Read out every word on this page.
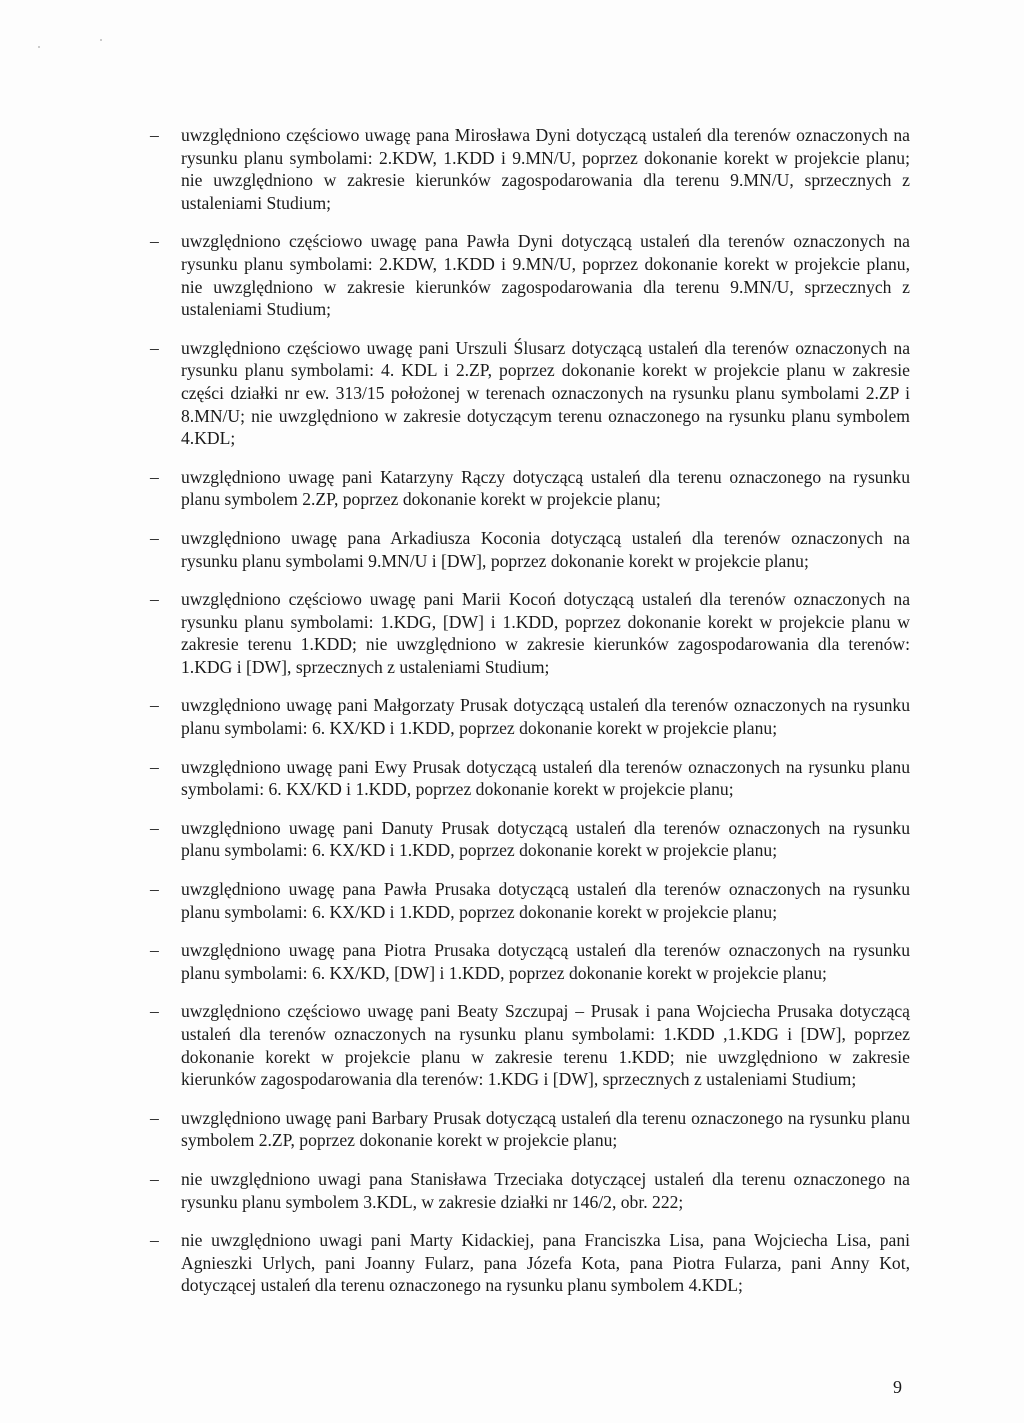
– uwzględniono częściowo uwagę pana Mirosława Dyni dotyczącą ustaleń dla terenów oznaczonych na rysunku planu symbolami: 2.KDW, 1.KDD i 9.MN/U, poprzez dokonanie korekt w projekcie planu; nie uwzględniono w zakresie kierunków zagospodarowania dla terenu 9.MN/U, sprzecznych z ustaleniami Studium;
– uwzględniono częściowo uwagę pana Pawła Dyni dotyczącą ustaleń dla terenów oznaczonych na rysunku planu symbolami: 2.KDW, 1.KDD i 9.MN/U, poprzez dokonanie korekt w projekcie planu, nie uwzględniono w zakresie kierunków zagospodarowania dla terenu 9.MN/U, sprzecznych z ustaleniami Studium;
– uwzględniono częściowo uwagę pani Urszuli Ślusarz dotyczącą ustaleń dla terenów oznaczonych na rysunku planu symbolami: 4. KDL i 2.ZP, poprzez dokonanie korekt w projekcie planu w zakresie części działki nr ew. 313/15 położonej w terenach oznaczonych na rysunku planu symbolami 2.ZP i 8.MN/U; nie uwzględniono w zakresie dotyczącym terenu oznaczonego na rysunku planu symbolem 4.KDL;
– uwzględniono uwagę pani Katarzyny Rączy dotyczącą ustaleń dla terenu oznaczonego na rysunku planu symbolem 2.ZP, poprzez dokonanie korekt w projekcie planu;
– uwzględniono uwagę pana Arkadiusza Koconia dotyczącą ustaleń dla terenów oznaczonych na rysunku planu symbolami 9.MN/U i [DW], poprzez dokonanie korekt w projekcie planu;
– uwzględniono częściowo uwagę pani Marii Kocoń dotyczącą ustaleń dla terenów oznaczonych na rysunku planu symbolami: 1.KDG, [DW] i 1.KDD, poprzez dokonanie korekt w projekcie planu w zakresie terenu 1.KDD; nie uwzględniono w zakresie kierunków zagospodarowania dla terenów: 1.KDG i [DW], sprzecznych z ustaleniami Studium;
– uwzględniono uwagę pani Małgorzaty Prusak dotyczącą ustaleń dla terenów oznaczonych na rysunku planu symbolami: 6. KX/KD i 1.KDD, poprzez dokonanie korekt w projekcie planu;
– uwzględniono uwagę pani Ewy Prusak dotyczącą ustaleń dla terenów oznaczonych na rysunku planu symbolami: 6. KX/KD i 1.KDD, poprzez dokonanie korekt w projekcie planu;
– uwzględniono uwagę pani Danuty Prusak dotyczącą ustaleń dla terenów oznaczonych na rysunku planu symbolami: 6. KX/KD i 1.KDD, poprzez dokonanie korekt w projekcie planu;
– uwzględniono uwagę pana Pawła Prusaka dotyczącą ustaleń dla terenów oznaczonych na rysunku planu symbolami: 6. KX/KD i 1.KDD, poprzez dokonanie korekt w projekcie planu;
– uwzględniono uwagę pana Piotra Prusaka dotyczącą ustaleń dla terenów oznaczonych na rysunku planu symbolami: 6. KX/KD, [DW] i 1.KDD, poprzez dokonanie korekt w projekcie planu;
– uwzględniono częściowo uwagę pani Beaty Szczupaj – Prusak i pana Wojciecha Prusaka dotyczącą ustaleń dla terenów oznaczonych na rysunku planu symbolami: 1.KDD ,1.KDG i [DW], poprzez dokonanie korekt w projekcie planu w zakresie terenu 1.KDD; nie uwzględniono w zakresie kierunków zagospodarowania dla terenów: 1.KDG i [DW], sprzecznych z ustaleniami Studium;
– uwzględniono uwagę pani Barbary Prusak dotyczącą ustaleń dla terenu oznaczonego na rysunku planu symbolem 2.ZP, poprzez dokonanie korekt w projekcie planu;
– nie uwzględniono uwagi pana Stanisława Trzeciaka dotyczącej ustaleń dla terenu oznaczonego na rysunku planu symbolem 3.KDL, w zakresie działki nr 146/2, obr. 222;
– nie uwzględniono uwagi pani Marty Kidackiej, pana Franciszka Lisa, pana Wojciecha Lisa, pani Agnieszki Urlych, pani Joanny Fularz, pana Józefa Kota, pana Piotra Fularza, pani Anny Kot, dotyczącej ustaleń dla terenu oznaczonego na rysunku planu symbolem 4.KDL;
9
